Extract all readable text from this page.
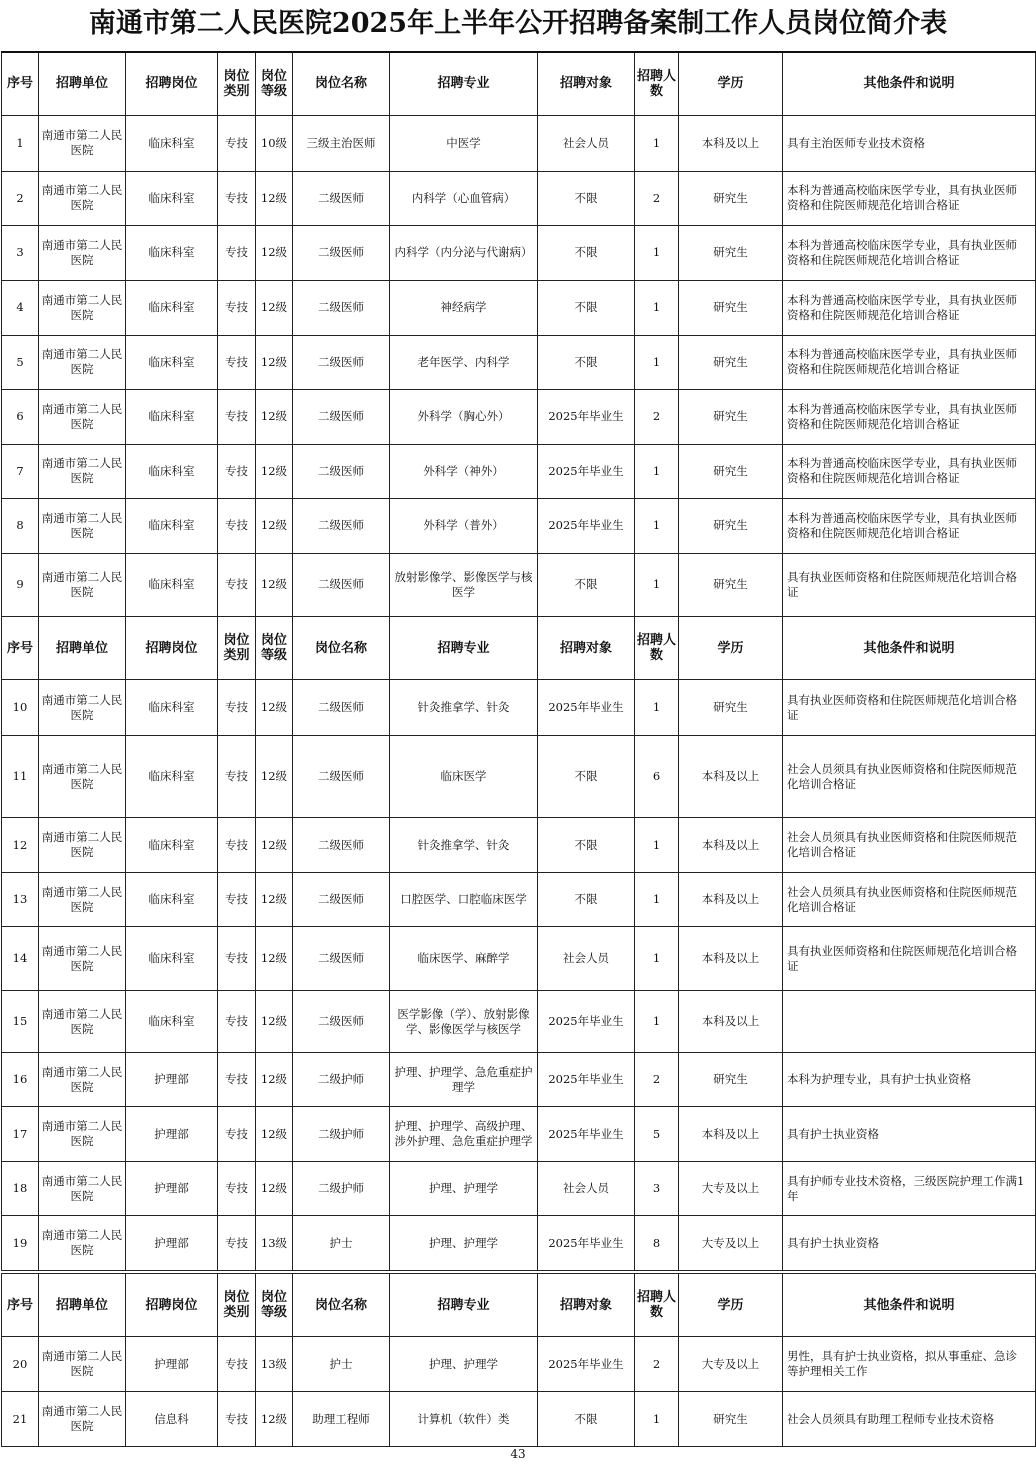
南通市第二人民医院2025年上半年公开招聘备案制工作人员岗位简介表
序号	招聘单位	招聘岗位	岗位
类别	岗位
等级	岗位名称	招聘专业	招聘对象	招聘人
数	学历	其他条件和说明

1	南通市第二人民
医院	临床科室	专技	10级	三级主治医师	中医学	社会人员	1	本科及以上	具有主治医师专业技术资格

2	南通市第二人民
医院	临床科室	专技	12级	二级医师	内科学（心血管病）	不限	2	研究生	本科为普通高校临床医学专业，具有执业医师
资格和住院医师规范化培训合格证

3	南通市第二人民
医院	临床科室	专技	12级	二级医师	内科学（内分泌与代谢病）	不限	1	研究生	本科为普通高校临床医学专业，具有执业医师
资格和住院医师规范化培训合格证

4	南通市第二人民
医院	临床科室	专技	12级	二级医师	神经病学	不限	1	研究生	本科为普通高校临床医学专业，具有执业医师
资格和住院医师规范化培训合格证

5	南通市第二人民
医院	临床科室	专技	12级	二级医师	老年医学、内科学	不限	1	研究生	本科为普通高校临床医学专业，具有执业医师
资格和住院医师规范化培训合格证

6	南通市第二人民
医院	临床科室	专技	12级	二级医师	外科学（胸心外）	2025年毕业生	2	研究生	本科为普通高校临床医学专业，具有执业医师
资格和住院医师规范化培训合格证

7	南通市第二人民
医院	临床科室	专技	12级	二级医师	外科学（神外）	2025年毕业生	1	研究生	本科为普通高校临床医学专业，具有执业医师
资格和住院医师规范化培训合格证

8	南通市第二人民
医院	临床科室	专技	12级	二级医师	外科学（普外）	2025年毕业生	1	研究生	本科为普通高校临床医学专业，具有执业医师
资格和住院医师规范化培训合格证

9	南通市第二人民
医院	临床科室	专技	12级	二级医师	放射影像学、影像医学与核
医学	不限	1	研究生	具有执业医师资格和住院医师规范化培训合格
证
序号	招聘单位	招聘岗位	岗位
类别	岗位
等级	岗位名称	招聘专业	招聘对象	招聘人
数	学历	其他条件和说明

10	南通市第二人民
医院	临床科室	专技	12级	二级医师	针灸推拿学、针灸	2025年毕业生	1	研究生	具有执业医师资格和住院医师规范化培训合格
证

11	南通市第二人民
医院	临床科室	专技	12级	二级医师	临床医学	不限	6	本科及以上	社会人员须具有执业医师资格和住院医师规范
化培训合格证

12	南通市第二人民
医院	临床科室	专技	12级	二级医师	针灸推拿学、针灸	不限	1	本科及以上	社会人员须具有执业医师资格和住院医师规范
化培训合格证

13	南通市第二人民
医院	临床科室	专技	12级	二级医师	口腔医学、口腔临床医学	不限	1	本科及以上	社会人员须具有执业医师资格和住院医师规范
化培训合格证

14	南通市第二人民
医院	临床科室	专技	12级	二级医师	临床医学、麻醉学	社会人员	1	本科及以上	具有执业医师资格和住院医师规范化培训合格
证

15	南通市第二人民
医院	临床科室	专技	12级	二级医师	医学影像（学）、放射影像
学、影像医学与核医学	2025年毕业生	1	本科及以上	

16	南通市第二人民
医院	护理部	专技	12级	二级护师	护理、护理学、急危重症护
理学	2025年毕业生	2	研究生	本科为护理专业，具有护士执业资格

17	南通市第二人民
医院	护理部	专技	12级	二级护师	护理、护理学、高级护理、
涉外护理、急危重症护理学	2025年毕业生	5	本科及以上	具有护士执业资格

18	南通市第二人民
医院	护理部	专技	12级	二级护师	护理、护理学	社会人员	3	大专及以上	具有护师专业技术资格，三级医院护理工作满1
年

19	南通市第二人民
医院	护理部	专技	13级	护士	护理、护理学	2025年毕业生	8	大专及以上	具有护士执业资格
序号	招聘单位	招聘岗位	岗位
类别	岗位
等级	岗位名称	招聘专业	招聘对象	招聘人
数	学历	其他条件和说明

20	南通市第二人民
医院	护理部	专技	13级	护士	护理、护理学	2025年毕业生	2	大专及以上	男性，具有护士执业资格，拟从事重症、急诊
等护理相关工作

21	南通市第二人民
医院	信息科	专技	12级	助理工程师	计算机（软件）类	不限	1	研究生	社会人员须具有助理工程师专业技术资格
43
